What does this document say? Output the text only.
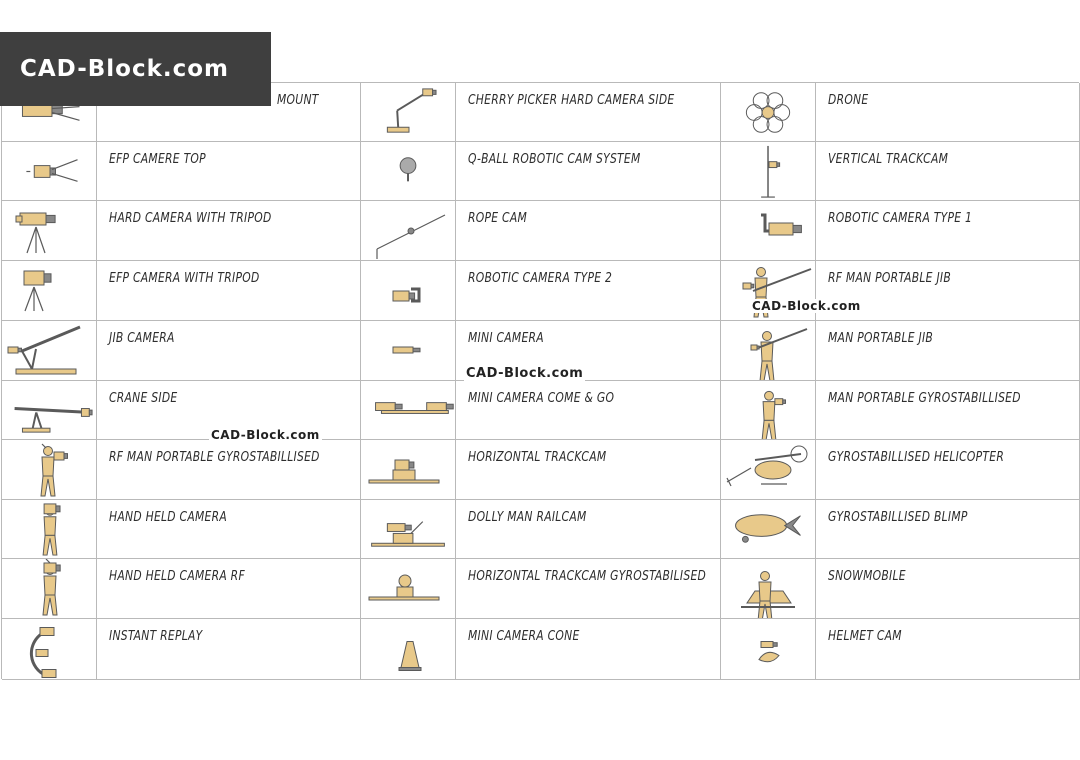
CAD-Block.com
MOUNT	CHERRY PICKER HARD CAMERA SIDE	DRONE
EFP CAMERE TOP	Q-BALL ROBOTIC CAM SYSTEM	VERTICAL TRACKCAM
HARD CAMERA WITH TRIPOD	ROPE CAM	ROBOTIC CAMERA TYPE 1
EFP CAMERA WITH TRIPOD	ROBOTIC CAMERA TYPE 2	RF MAN PORTABLE JIB
JIB CAMERA	MINI CAMERA	MAN PORTABLE JIB
CRANE SIDE	MINI CAMERA COME & GO	MAN PORTABLE GYROSTABILLISED
RF MAN PORTABLE GYROSTABILLISED	HORIZONTAL TRACKCAM	GYROSTABILLISED HELICOPTER
HAND HELD CAMERA	DOLLY MAN RAILCAM	GYROSTABILLISED BLIMP
HAND HELD CAMERA RF	HORIZONTAL TRACKCAM GYROSTABILISED	SNOWMOBILE
INSTANT REPLAY	MINI CAMERA CONE	HELMET CAM
CAD-Block.com
CAD-Block.com
CAD-Block.com
